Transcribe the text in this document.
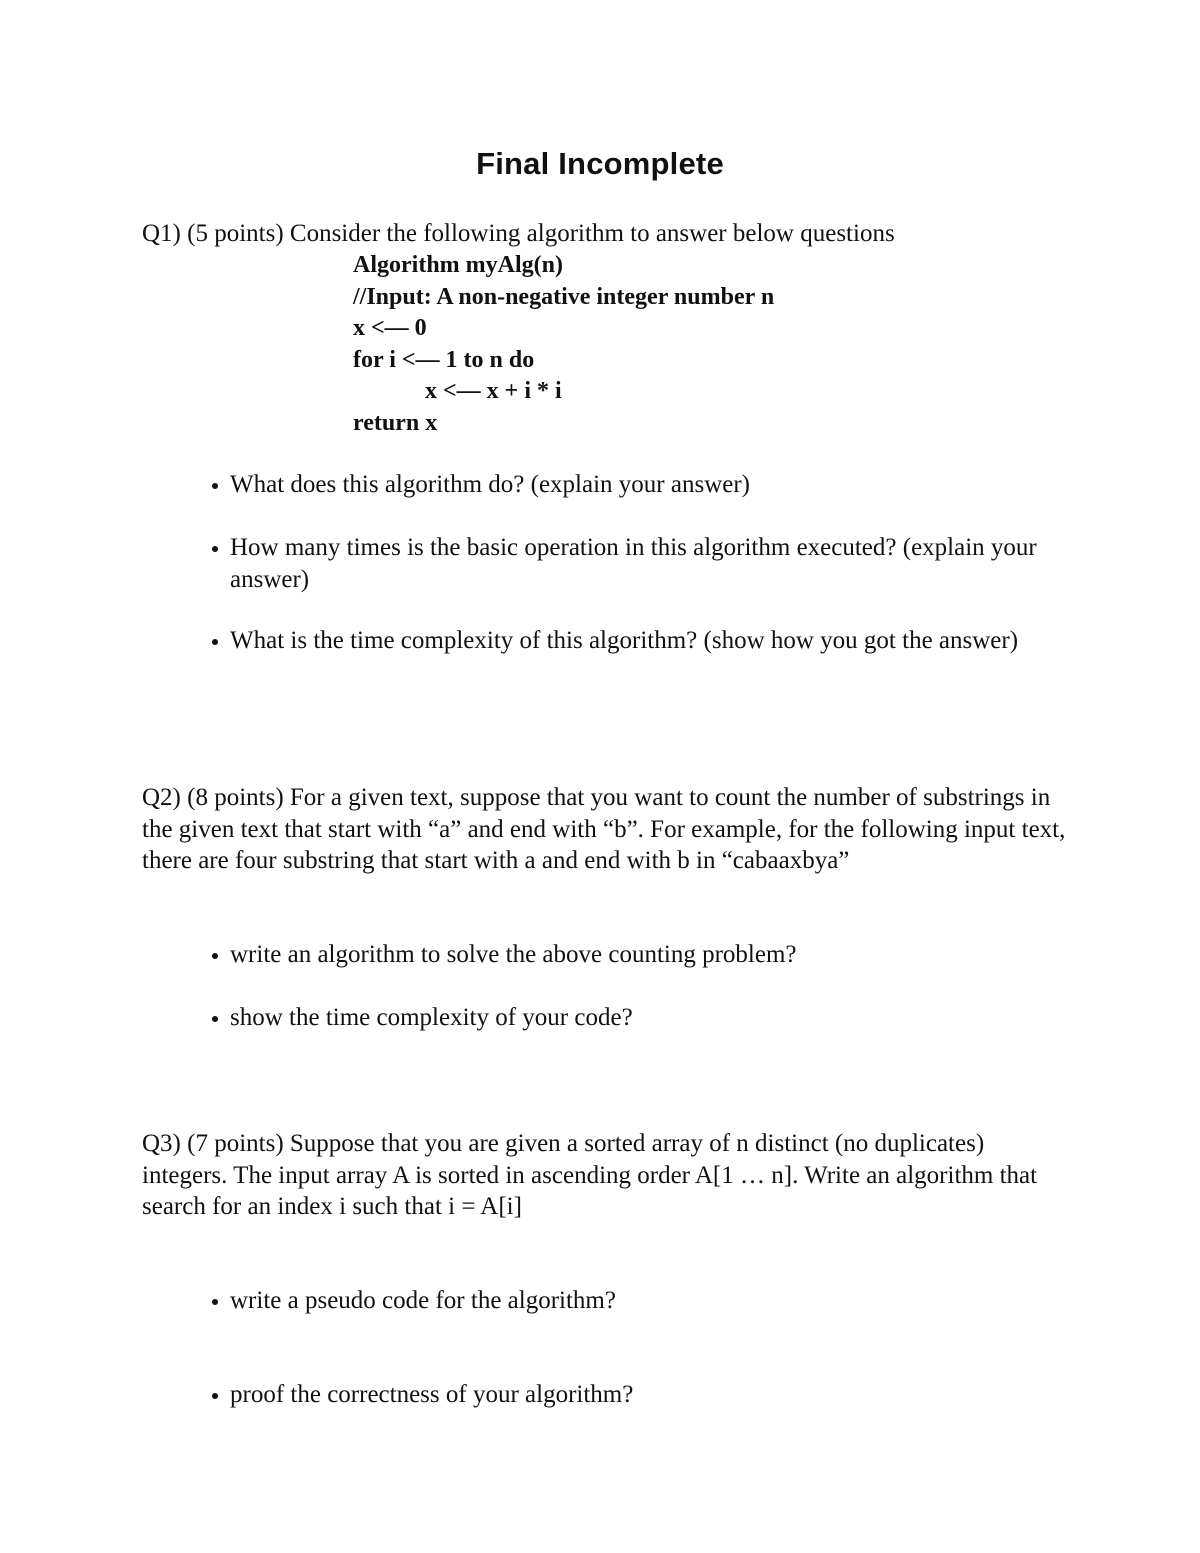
Final Incomplete
Q1) (5 points) Consider the following algorithm to answer below questions
Algorithm myAlg(n)
//Input: A non-negative integer number n
x <— 0
for i <— 1 to n do
x <— x + i * i
return x
What does this algorithm do? (explain your answer)
How many times is the basic operation in this algorithm executed? (explain your answer)
What is the time complexity of this algorithm? (show how you got the answer)
Q2) (8 points) For a given text, suppose that you want to count the number of substrings in the given text that start with “a” and end with “b”. For example, for the following input text, there are four substring that start with a and end with b in “cabaaxbya”
write an algorithm to solve the above counting problem?
show the time complexity of your code?
Q3) (7 points) Suppose that you are given a sorted array of n distinct (no duplicates) integers. The input array A is sorted in ascending order A[1 … n]. Write an algorithm that search for an index i such that i = A[i]
write a pseudo code for the algorithm?
proof the correctness of your algorithm?
